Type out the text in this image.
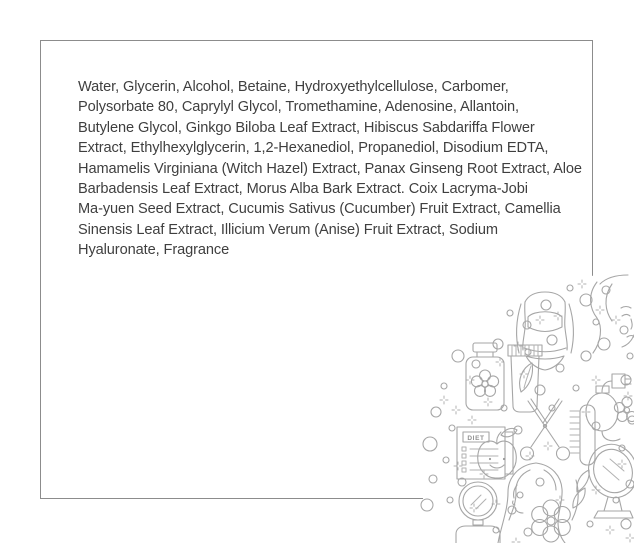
Water, Glycerin, Alcohol, Betaine, Hydroxyethylcellulose, Carbomer,
Polysorbate 80, Caprylyl Glycol, Tromethamine, Adenosine, Allantoin,
Butylene Glycol, Ginkgo Biloba Leaf Extract, Hibiscus Sabdariffa Flower
Extract, Ethylhexylglycerin, 1,2-Hexanediol, Propanediol, Disodium EDTA,
Hamamelis Virginiana (Witch Hazel) Extract, Panax Ginseng Root Extract, Aloe
Barbadensis Leaf Extract, Morus Alba Bark Extract. Coix Lacryma-Jobi
Ma-yuen Seed Extract, Cucumis Sativus (Cucumber) Fruit Extract, Camellia
Sinensis Leaf Extract, Illicium Verum (Anise) Fruit Extract, Sodium
Hyaluronate, Fragrance
DIET
